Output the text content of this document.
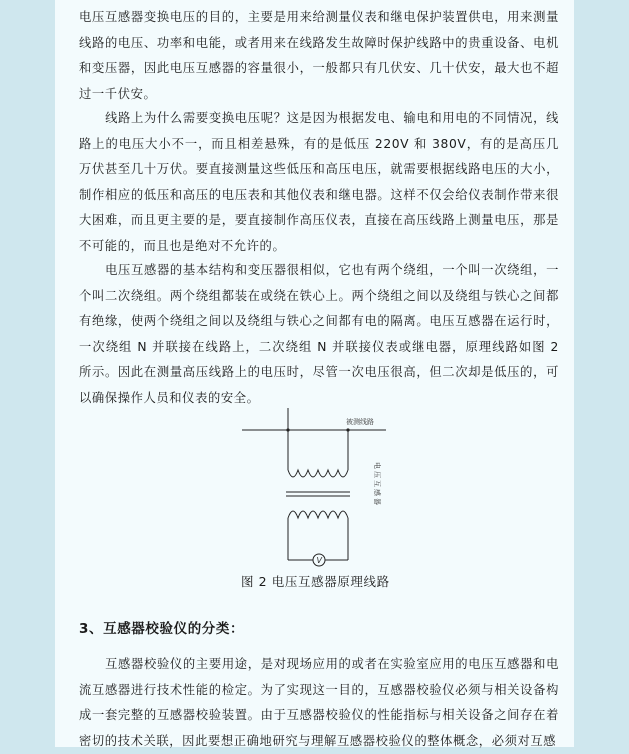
电压互感器变换电压的目的，主要是用来给测量仪表和继电保护装置供电，用来测量线路的电压、功率和电能，或者用来在线路发生故障时保护线路中的贵重设备、电机和变压器，因此电压互感器的容量很小，一般都只有几伏安、几十伏安，最大也不超过一千伏安。

线路上为什么需要变换电压呢？这是因为根据发电、输电和用电的不同情况，线路上的电压大小不一，而且相差悬殊，有的是低压 220V 和 380V，有的是高压几万伏甚至几十万伏。要直接测量这些低压和高压电压，就需要根据线路电压的大小，制作相应的低压和高压的电压表和其他仪表和继电器。这样不仅会给仪表制作带来很大困难，而且更主要的是，要直接制作高压仪表，直接在高压线路上测量电压，那是不可能的，而且也是绝对不允许的。

电压互感器的基本结构和变压器很相似，它也有两个绕组，一个叫一次绕组，一个叫二次绕组。两个绕组都装在或绕在铁心上。两个绕组之间以及绕组与铁心之间都有绝缘，使两个绕组之间以及绕组与铁心之间都有电的隔离。电压互感器在运行时，一次绕组 N 并联接在线路上，二次绕组 N 并联接仪表或继电器，原理线路如图 2 所示。因此在测量高压线路上的电压时，尽管一次电压很高，但二次却是低压的，可以确保操作人员和仪表的安全。

被测线路
V
电压互感器
图 2 电压互感器原理线路
3、互感器校验仪的分类：

互感器校验仪的主要用途，是对现场应用的或者在实验室应用的电压互感器和电流互感器进行技术性能的检定。为了实现这一目的，互感器校验仪必须与相关设备构成一套完整的互感器校验装置。由于互感器校验仪的性能指标与相关设备之间存在着密切的技术关联，因此要想正确地研究与理解互感器校验仪的整体概念，必须对互感
